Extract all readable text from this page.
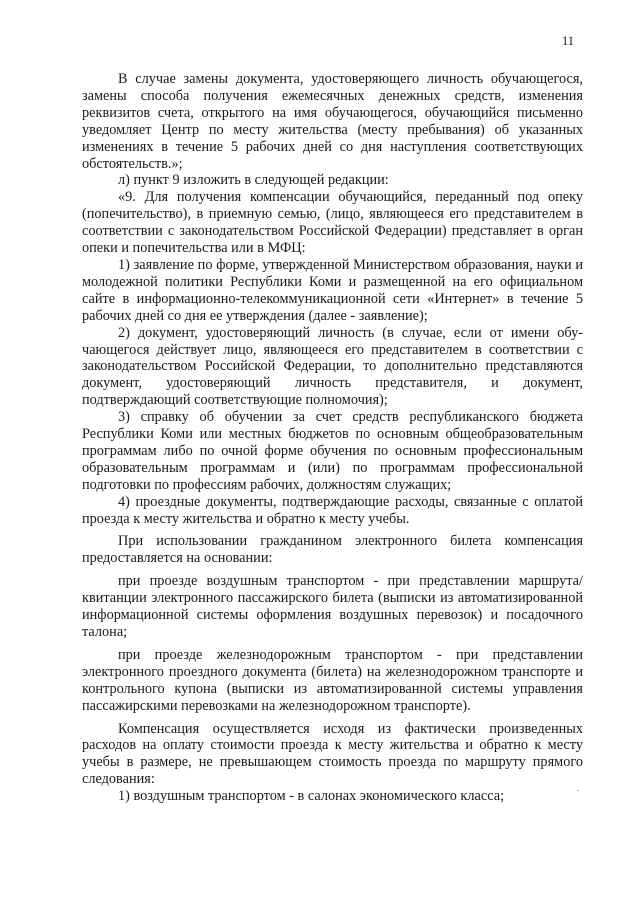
11

В случае замены документа, удостоверяющего личность обучающегося, замены способа получения ежемесячных денежных средств, изменения реквизитов счета, открытого на имя обучающегося, обучающийся письменно уведомляет Центр по месту жительства (месту пребывания) об указанных изменениях в течение 5 рабочих дней со дня наступления соответствующих обстоятельств.»;

л) пункт 9 изложить в следующей редакции:

«9. Для получения компенсации обучающийся, переданный под опеку (попечительство), в приемную семью, (лицо, являющееся его представителем в соответствии с законодательством Российской Федерации) представляет в орган опеки и попечительства или в МФЦ:

1) заявление по форме, утвержденной Министерством образования, науки и молодежной политики Республики Коми и размещенной на его официальном сайте в информационно-телекоммуникационной сети «Интернет» в течение 5 рабочих дней со дня ее утверждения (далее - заявление);

2) документ, удостоверяющий личность (в случае, если от имени обучающегося действует лицо, являющееся его представителем в соответствии с законодательством Российской Федерации, то дополнительно представляются документ, удостоверяющий личность представителя, и документ, подтверждающий соответствующие полномочия);

3) справку об обучении за счет средств республиканского бюджета Республики Коми или местных бюджетов по основным общеобразовательным программам либо по очной форме обучения по основным профессиональным образовательным программам и (или) по программам профессиональной подготовки по профессиям рабочих, должностям служащих;

4) проездные документы, подтверждающие расходы, связанные с оплатой проезда к месту жительства и обратно к месту учебы.

При использовании гражданином электронного билета компенсация предоставляется на основании:

при проезде воздушным транспортом - при представлении маршрута/квитанции электронного пассажирского билета (выписки из автоматизированной информационной системы оформления воздушных перевозок) и посадочного талона;

при проезде железнодорожным транспортом - при представлении электронного проездного документа (билета) на железнодорожном транспорте и контрольного купона (выписки из автоматизированной системы управления пассажирскими перевозками на железнодорожном транспорте).

Компенсация осуществляется исходя из фактически произведенных расходов на оплату стоимости проезда к месту жительства и обратно к месту учебы в размере, не превышающем стоимость проезда по маршруту прямого следования:

1) воздушным транспортом - в салонах экономического класса;
